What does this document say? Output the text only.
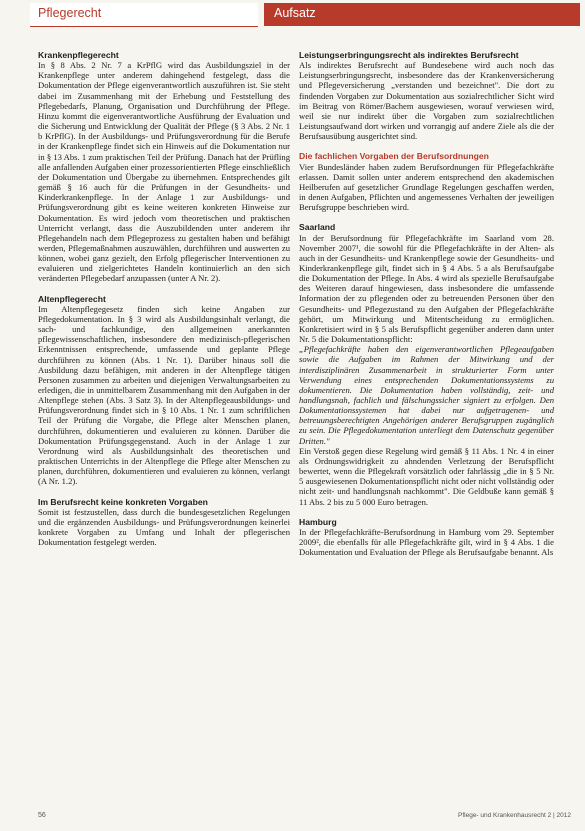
Pflegerecht	Aufsatz
Krankenpflegerecht

In § 8 Abs. 2 Nr. 7 a KrPflG wird das Ausbildungsziel in der Krankenpflege unter anderem dahingehend festgelegt, dass die Dokumentation der Pflege eigenverantwortlich auszuführen ist. Sie steht dabei im Zusammenhang mit der Erhebung und Feststellung des Pflegebedarfs, Planung, Organisation und Durchführung der Pflege. Hinzu kommt die eigenverantwortliche Ausführung der Evaluation und die Sicherung und Entwicklung der Qualität der Pflege (§ 3 Abs. 2 Nr. 1 b KrPflG). In der Ausbildungs- und Prüfungsverordnung für die Berufe in der Krankenpflege findet sich ein Hinweis auf die Dokumentation nur in § 13 Abs. 1 zum praktischen Teil der Prüfung. Danach hat der Prüfling alle anfallenden Aufgaben einer prozessorientierten Pflege einschließlich der Dokumentation und Übergabe zu übernehmen. Entsprechendes gilt gemäß § 16 auch für die Prüfungen in der Gesundheits- und Kinderkrankenpflege. In der Anlage 1 zur Ausbildungs- und Prüfungsverordnung gibt es keine weiteren konkreten Hinweise zur Dokumentation. Es wird jedoch vom theoretischen und praktischen Unterricht verlangt, dass die Auszubildenden unter anderem ihr Pflegehandeln nach dem Pflegeprozess zu gestalten haben und befähigt werden, Pflegemaßnahmen auszuwählen, durchführen und auswerten zu können, wobei ganz gezielt, den Erfolg pflegerischer Interventionen zu evaluieren und zielgerichtetes Handeln kontinuierlich an den sich veränderten Pflegebedarf anzupassen (unter A Nr. 2).

Altenpflegerecht

Im Altenpflegegesetz finden sich keine Angaben zur Pflegedokumentation. In § 3 wird als Ausbildungsinhalt verlangt, die sach- und fachkundige, den allgemeinen anerkannten pflegewissenschaftlichen, insbesondere den medizinisch-pflegerischen Erkenntnissen entsprechende, umfassende und geplante Pflege durchführen zu können (Abs. 1 Nr. 1). Darüber hinaus soll die Ausbildung dazu befähigen, mit anderen in der Altenpflege tätigen Personen zusammen zu arbeiten und diejenigen Verwaltungsarbeiten zu erledigen, die in unmittelbarem Zusammenhang mit den Aufgaben in der Altenpflege stehen (Abs. 3 Satz 3). In der Altenpflegeausbildungs- und Prüfungsverordnung findet sich in § 10 Abs. 1 Nr. 1 zum schriftlichen Teil der Prüfung die Vorgabe, die Pflege alter Menschen planen, durchführen, dokumentieren und evaluieren zu können. Darüber die Dokumentation Prüfungsgegenstand. Auch in der Anlage 1 zur Verordnung wird als Ausbildungsinhalt des theoretischen und praktischen Unterrichts in der Altenpflege die Pflege alter Menschen zu planen, durchführen, dokumentieren und evaluieren zu können, verlangt (A Nr. 1.2).

Im Berufsrecht keine konkreten Vorgaben

Somit ist festzustellen, dass durch die bundesgesetzlichen Regelungen und die ergänzenden Ausbildungs- und Prüfungsverordnungen keinerlei konkrete Vorgaben zu Umfang und Inhalt der pflegerischen Dokumentation festgelegt werden.

Leistungserbringungsrecht als indirektes Berufsrecht

Als indirektes Berufsrecht auf Bundesebene wird auch noch das Leistungserbringungsrecht, insbesondere das der Krankenversicherung und Pflegeversicherung „verstanden und bezeichnet". Die dort zu findenden Vorgaben zur Dokumentation aus sozialrechtlicher Sicht wird im Beitrag von Römer/Bachem ausgewiesen, worauf verwiesen wird, weil sie nur indirekt über die Vorgaben zum sozialrechtlichen Leistungsaufwand dort wirken und vorrangig auf andere Ziele als die der Berufsausübung ausgerichtet sind.

Die fachlichen Vorgaben der Berufsordnungen

Vier Bundesländer haben zudem Berufsordnungen für Pflegefachkräfte erlassen. Damit sollen unter anderem entsprechend den akademischen Heilberufen auf gesetzlicher Grundlage Regelungen geschaffen werden, in denen Aufgaben, Pflichten und angemessenes Verhalten der jeweiligen Berufsgruppe beschrieben wird.

Saarland

In der Berufsordnung für Pflegefachkräfte im Saarland vom 28. November 2007¹, die sowohl für die Pflegefachkräfte in der Alten- als auch in der Gesundheits- und Krankenpflege sowie der Gesundheits- und Kinderkrankenpflege gilt, findet sich in § 4 Abs. 5 a als Berufsaufgabe die Dokumentation der Pflege. In Abs. 4 wird als spezielle Berufsaufgabe des Weiteren darauf hingewiesen, dass insbesondere die umfassende Information der zu pflegenden oder zu betreuenden Personen über den Gesundheits- und Pflegezustand zu den Aufgaben der Pflegefachkräfte gehört, um Mitwirkung und Mitentscheidung zu ermöglichen. Konkretisiert wird in § 5 als Berufspflicht gegenüber anderen dann unter Nr. 5 die Dokumentationspflicht:

„Pflegefachkräfte haben den eigenverantwortlichen Pflegeaufgaben sowie die Aufgaben im Rahmen der Mitwirkung und der interdisziplinären Zusammenarbeit in strukturierter Form unter Verwendung eines entsprechenden Dokumentationssystems zu dokumentieren. Die Dokumentation haben vollständig, zeit- und handlungsnah, fachlich und fälschungssicher signiert zu erfolgen. Den Dokumentationssystemen hat dabei nur aufgetragenen- und betreuungsberechtigten Angehörigen anderer Berufsgruppen zugänglich zu sein. Die Pflegedokumentation unterliegt dem Datenschutz gegenüber Dritten."

Ein Verstoß gegen diese Regelung wird gemäß § 11 Abs. 1 Nr. 4 in einer als Ordnungswidrigkeit zu ahndenden Verletzung der Berufspflicht bewertet, wenn die Pflegekraft vorsätzlich oder fahrlässig „die in § 5 Nr. 5 ausgewiesenen Dokumentationspflicht nicht oder nicht vollständig oder nicht zeit- und handlungsnah nachkommt". Die Geldbuße kann gemäß § 11 Abs. 2 bis zu 5 000 Euro betragen.

Hamburg

In der Pflegefachkräfte-Berufsordnung in Hamburg vom 29. September 2009², die ebenfalls für alle Pflegefachkräfte gilt, wird in § 4 Abs. 1 die Dokumentation und Evaluation der Pflege als Berufsaufgabe benannt. Als

56	Pflege- und Krankenhausrecht 2 | 2012
